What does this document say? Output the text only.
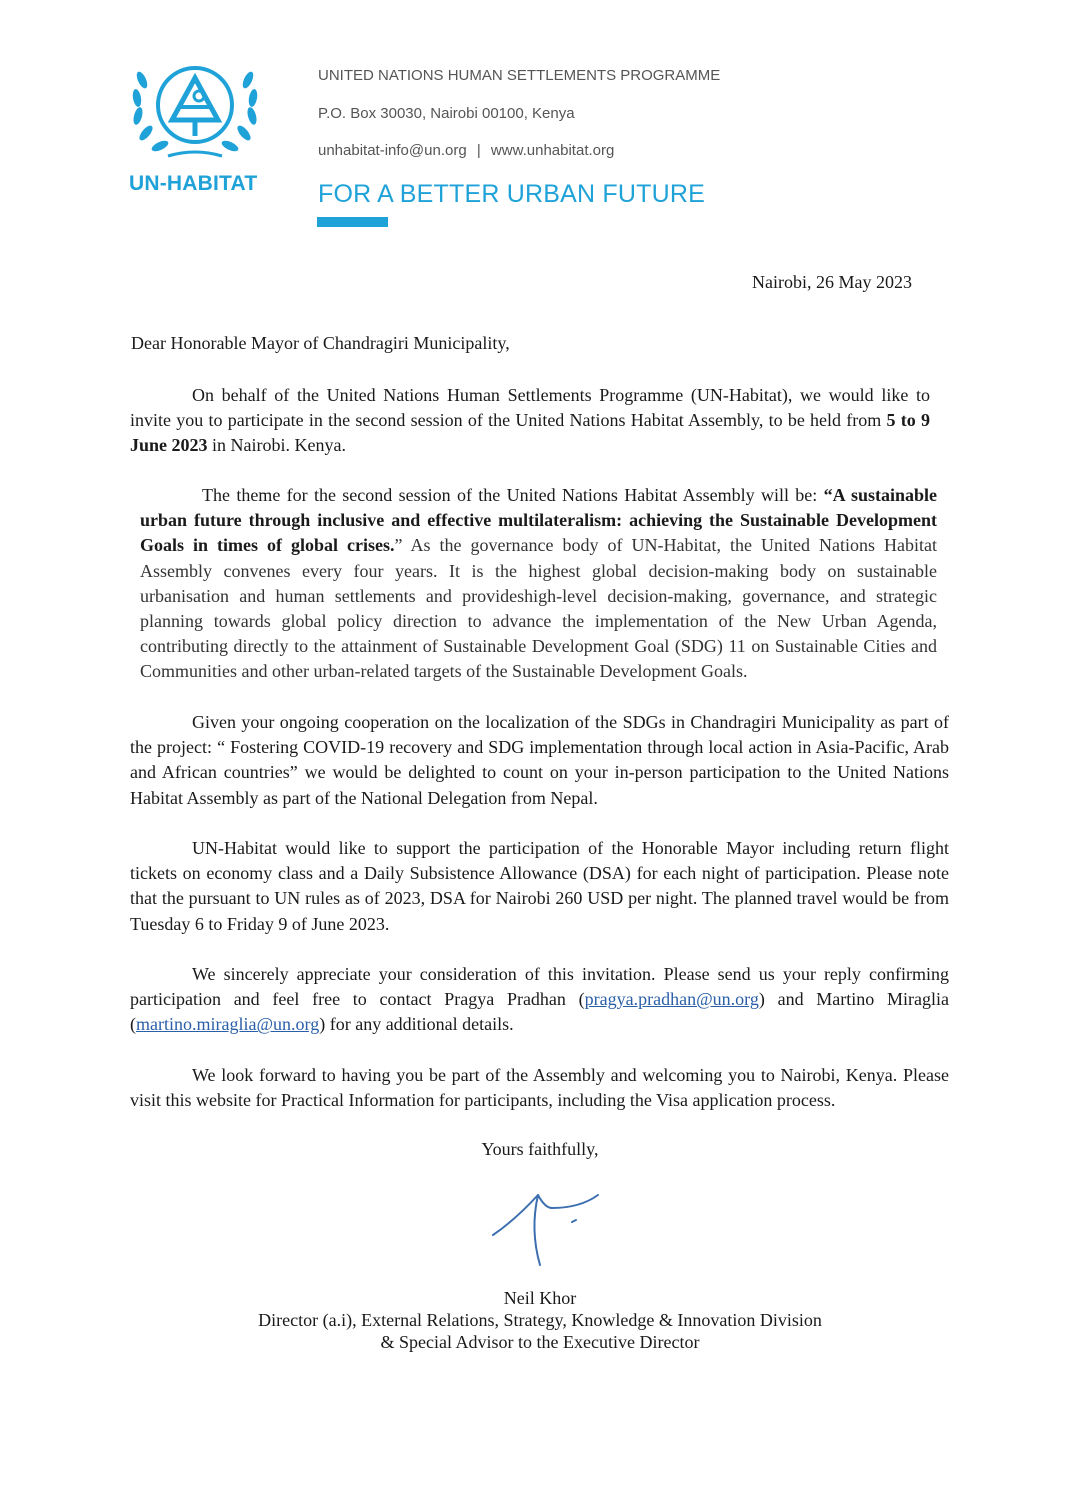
UN-HABITAT
UNITED NATIONS HUMAN SETTLEMENTS PROGRAMME
P.O. Box 30030, Nairobi 00100, Kenya
unhabitat-info@un.org | www.unhabitat.org
FOR A BETTER URBAN FUTURE
Nairobi, 26 May 2023
Dear Honorable Mayor of Chandragiri Municipality,
On behalf of the United Nations Human Settlements Programme (UN-Habitat), we would like to invite you to participate in the second session of the United Nations Habitat Assembly, to be held from 5 to 9 June 2023 in Nairobi. Kenya.
The theme for the second session of the United Nations Habitat Assembly will be: “A sustainable urban future through inclusive and effective multilateralism: achieving the Sustainable Development Goals in times of global crises.” As the governance body of UN-Habitat, the United Nations Habitat Assembly convenes every four years. It is the highest global decision-making body on sustainable urbanisation and human settlements and provideshigh-level decision-making, governance, and strategic planning towards global policy direction to advance the implementation of the New Urban Agenda, contributing directly to the attainment of Sustainable Development Goal (SDG) 11 on Sustainable Cities and Communities and other urban-related targets of the Sustainable Development Goals.
Given your ongoing cooperation on the localization of the SDGs in Chandragiri Municipality as part of the project: “ Fostering COVID-19 recovery and SDG implementation through local action in Asia-Pacific, Arab and African countries” we would be delighted to count on your in-person participation to the United Nations Habitat Assembly as part of the National Delegation from Nepal.
UN-Habitat would like to support the participation of the Honorable Mayor including return flight tickets on economy class and a Daily Subsistence Allowance (DSA) for each night of participation. Please note that the pursuant to UN rules as of 2023, DSA for Nairobi 260 USD per night. The planned travel would be from Tuesday 6 to Friday 9 of June 2023.
We sincerely appreciate your consideration of this invitation. Please send us your reply confirming participation and feel free to contact Pragya Pradhan (pragya.pradhan@un.org) and Martino Miraglia (martino.miraglia@un.org) for any additional details.
We look forward to having you be part of the Assembly and welcoming you to Nairobi, Kenya. Please visit this website for Practical Information for participants, including the Visa application process.
Yours faithfully,
Neil Khor
Director (a.i), External Relations, Strategy, Knowledge & Innovation Division
& Special Advisor to the Executive Director
